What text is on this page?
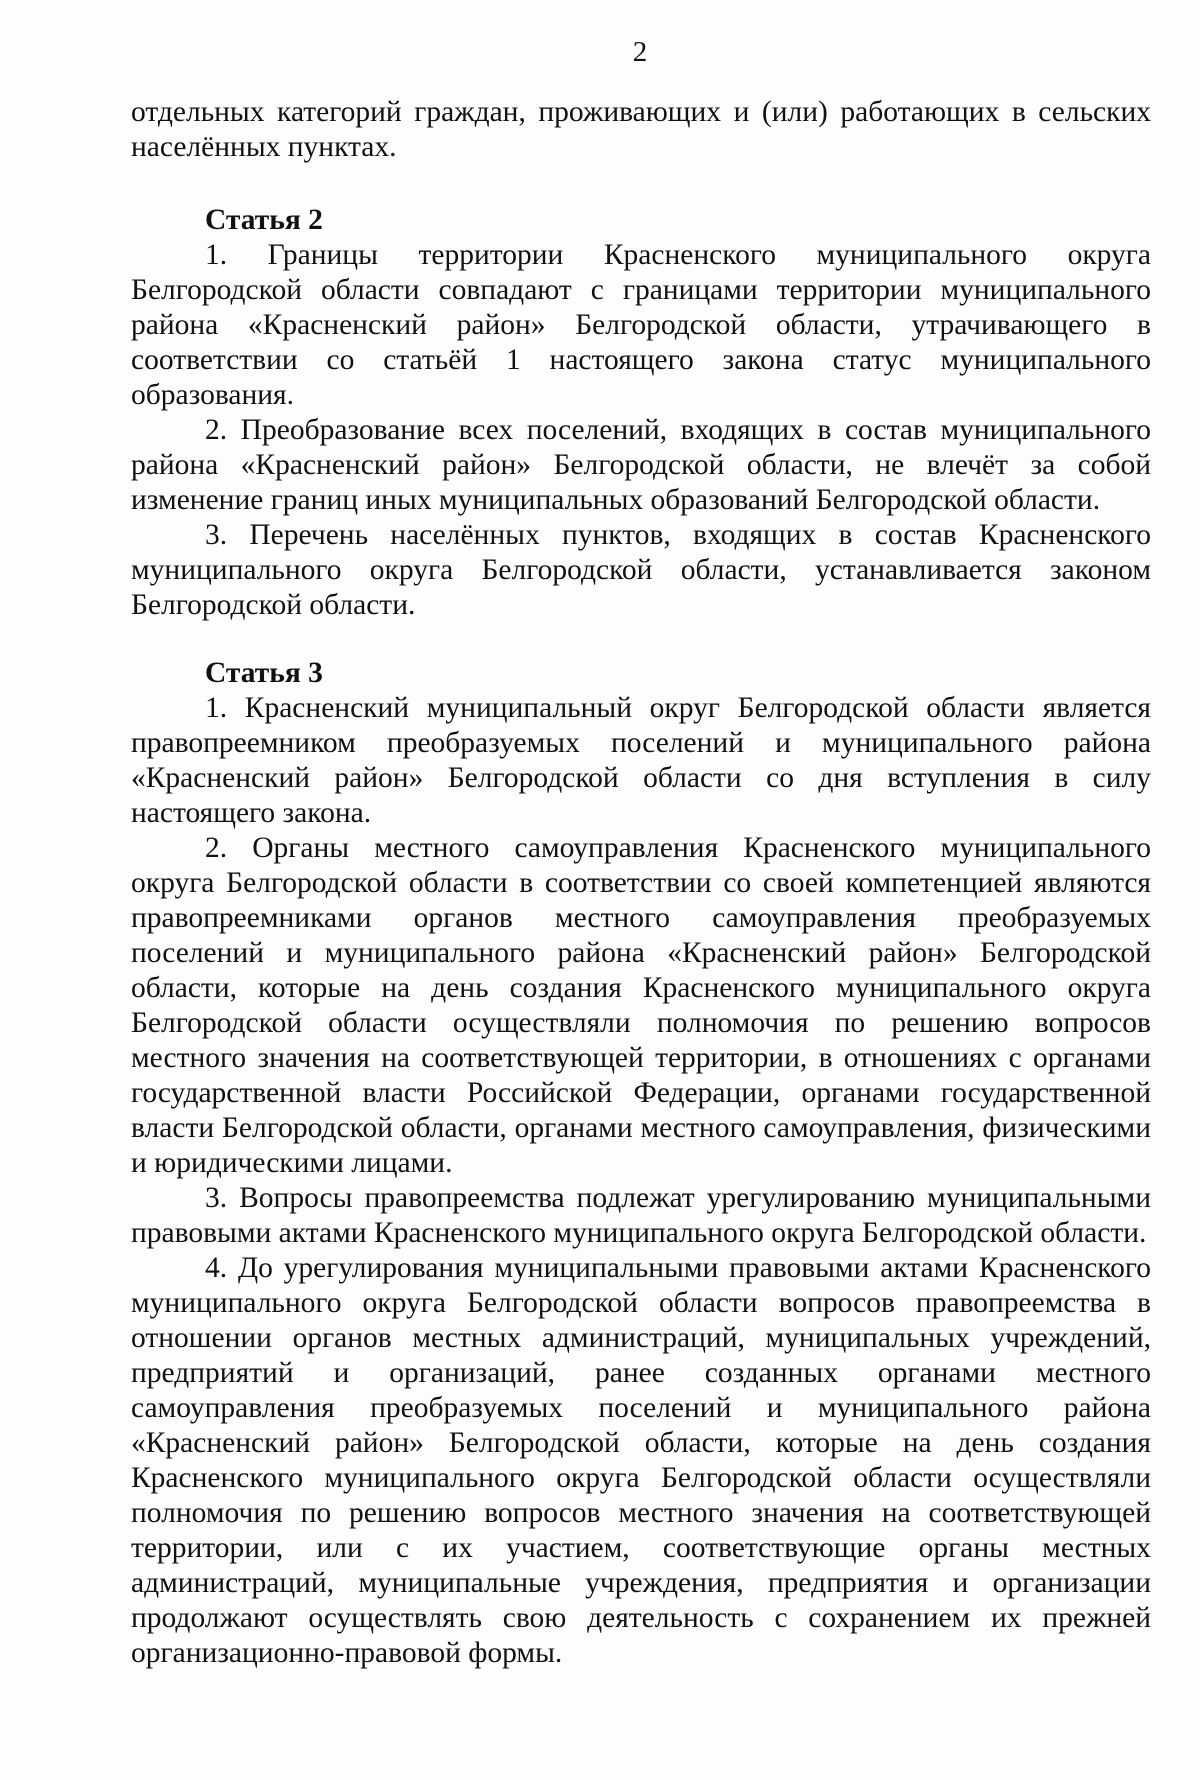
2

отдельных категорий граждан, проживающих и (или) работающих в сельских населённых пунктах.

Статья 2

1. Границы территории Красненского муниципального округа Белгородской области совпадают с границами территории муниципального района «Красненский район» Белгородской области, утрачивающего в соответствии со статьёй 1 настоящего закона статус муниципального образования.

2. Преобразование всех поселений, входящих в состав муниципального района «Красненский район» Белгородской области, не влечёт за собой изменение границ иных муниципальных образований Белгородской области.

3. Перечень населённых пунктов, входящих в состав Красненского муниципального округа Белгородской области, устанавливается законом Белгородской области.

Статья 3

1. Красненский муниципальный округ Белгородской области является правопреемником преобразуемых поселений и муниципального района «Красненский район» Белгородской области со дня вступления в силу настоящего закона.

2. Органы местного самоуправления Красненского муниципального округа Белгородской области в соответствии со своей компетенцией являются правопреемниками органов местного самоуправления преобразуемых поселений и муниципального района «Красненский район» Белгородской области, которые на день создания Красненского муниципального округа Белгородской области осуществляли полномочия по решению вопросов местного значения на соответствующей территории, в отношениях с органами государственной власти Российской Федерации, органами государственной власти Белгородской области, органами местного самоуправления, физическими и юридическими лицами.

3. Вопросы правопреемства подлежат урегулированию муниципальными правовыми актами Красненского муниципального округа Белгородской области.

4. До урегулирования муниципальными правовыми актами Красненского муниципального округа Белгородской области вопросов правопреемства в отношении органов местных администраций, муниципальных учреждений, предприятий и организаций, ранее созданных органами местного самоуправления преобразуемых поселений и муниципального района «Красненский район» Белгородской области, которые на день создания Красненского муниципального округа Белгородской области осуществляли полномочия по решению вопросов местного значения на соответствующей территории, или с их участием, соответствующие органы местных администраций, муниципальные учреждения, предприятия и организации продолжают осуществлять свою деятельность с сохранением их прежней организационно-правовой формы.
